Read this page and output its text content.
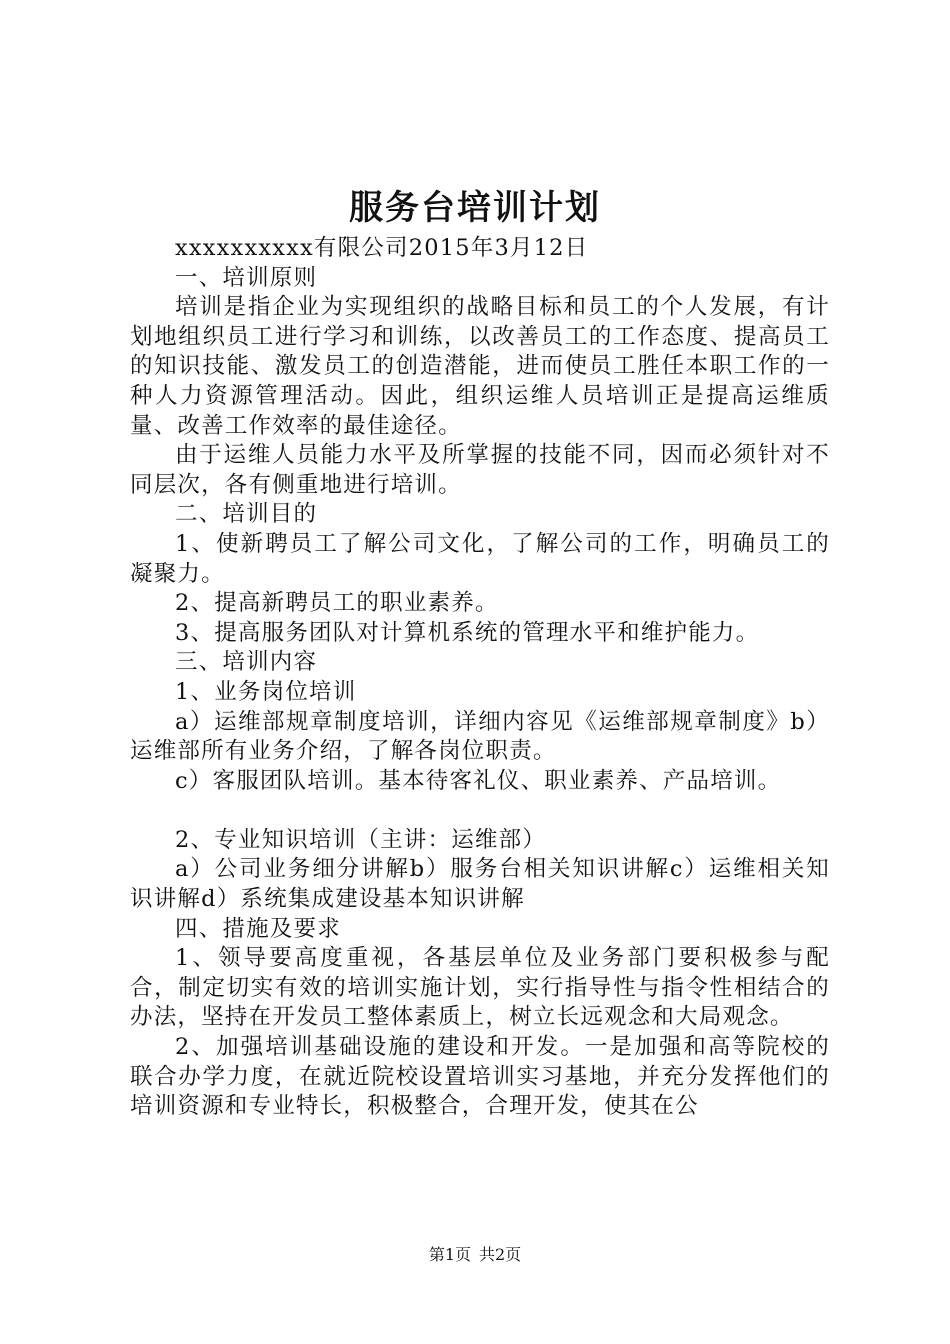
服务台培训计划

xxxxxxxxxx有限公司2015年3月12日

一、培训原则

培训是指企业为实现组织的战略目标和员工的个人发展，有计划地组织员工进行学习和训练，以改善员工的工作态度、提高员工的知识技能、激发员工的创造潜能，进而使员工胜任本职工作的一种人力资源管理活动。因此，组织运维人员培训正是提高运维质量、改善工作效率的最佳途径。

由于运维人员能力水平及所掌握的技能不同，因而必须针对不同层次，各有侧重地进行培训。

二、培训目的

1、使新聘员工了解公司文化，了解公司的工作，明确员工的凝聚力。

2、提高新聘员工的职业素养。

3、提高服务团队对计算机系统的管理水平和维护能力。

三、培训内容

1、业务岗位培训

a）运维部规章制度培训，详细内容见《运维部规章制度》b）运维部所有业务介绍，了解各岗位职责。

c）客服团队培训。基本待客礼仪、职业素养、产品培训。

2、专业知识培训（主讲：运维部）

a）公司业务细分讲解b）服务台相关知识讲解c）运维相关知识讲解d）系统集成建设基本知识讲解

四、措施及要求

1、领导要高度重视，各基层单位及业务部门要积极参与配合，制定切实有效的培训实施计划，实行指导性与指令性相结合的办法，坚持在开发员工整体素质上，树立长远观念和大局观念。

2、加强培训基础设施的建设和开发。一是加强和高等院校的联合办学力度，在就近院校设置培训实习基地，并充分发挥他们的培训资源和专业特长，积极整合，合理开发，使其在公

第1页 共2页
